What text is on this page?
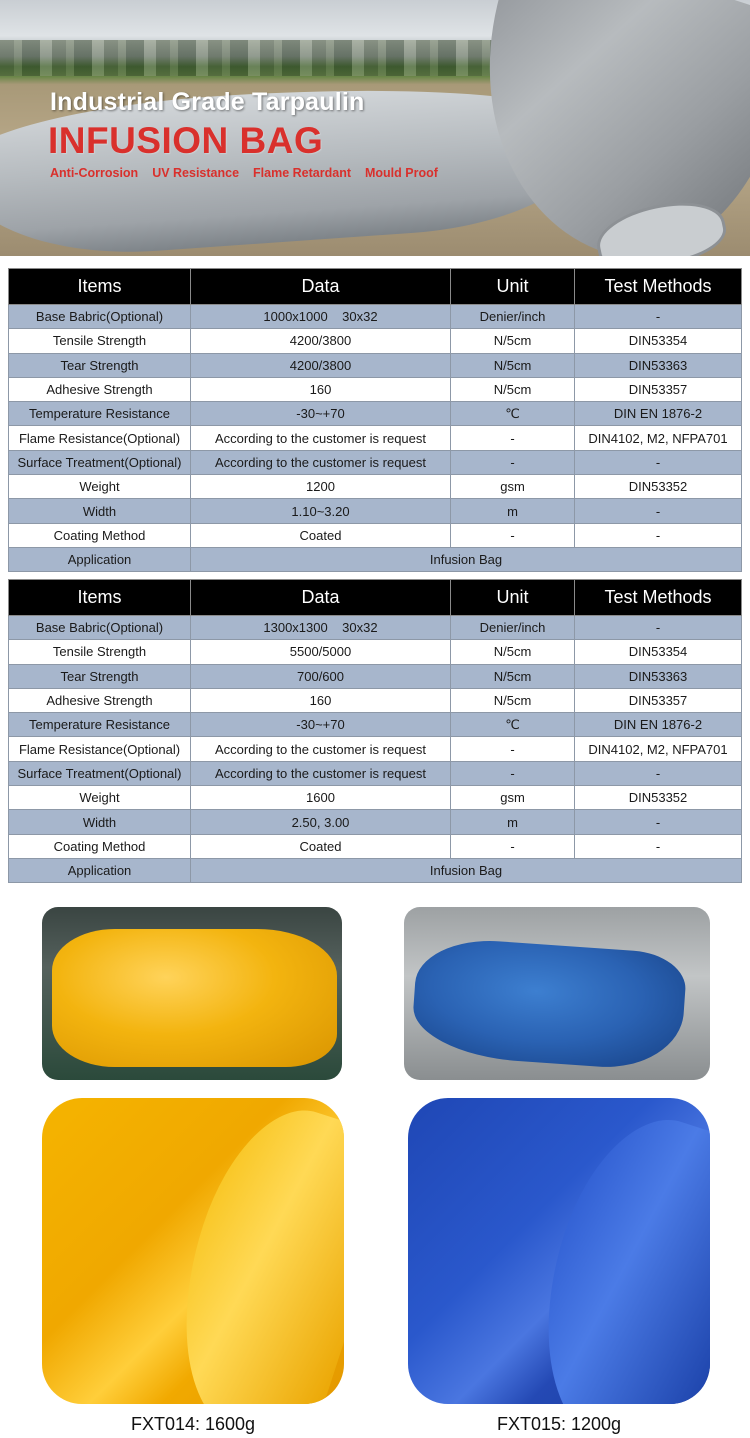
Industrial Grade Tarpaulin
INFUSION BAG
Anti-Corrosion UV Resistance Flame Retardant Mould Proof
Items	Data	Unit	Test Methods
Base Babric(Optional)	1000x1000    30x32	Denier/inch	-
Tensile Strength	4200/3800	N/5cm	DIN53354
Tear Strength	4200/3800	N/5cm	DIN53363
Adhesive Strength	160	N/5cm	DIN53357
Temperature Resistance	-30~+70	℃	DIN EN 1876-2
Flame Resistance(Optional)	According to the customer is request	-	DIN4102, M2, NFPA701
Surface Treatment(Optional)	According to the customer is request	-	-
Weight	1200	gsm	DIN53352
Width	1.10~3.20	m	-
Coating Method	Coated	-	-
Application	Infusion Bag		
Items	Data	Unit	Test Methods
Base Babric(Optional)	1300x1300    30x32	Denier/inch	-
Tensile Strength	5500/5000	N/5cm	DIN53354
Tear Strength	700/600	N/5cm	DIN53363
Adhesive Strength	160	N/5cm	DIN53357
Temperature Resistance	-30~+70	℃	DIN EN 1876-2
Flame Resistance(Optional)	According to the customer is request	-	DIN4102, M2, NFPA701
Surface Treatment(Optional)	According to the customer is request	-	-
Weight	1600	gsm	DIN53352
Width	2.50, 3.00	m	-
Coating Method	Coated	-	-
Application	Infusion Bag		
FXT014: 1600g	FXT015: 1200g
